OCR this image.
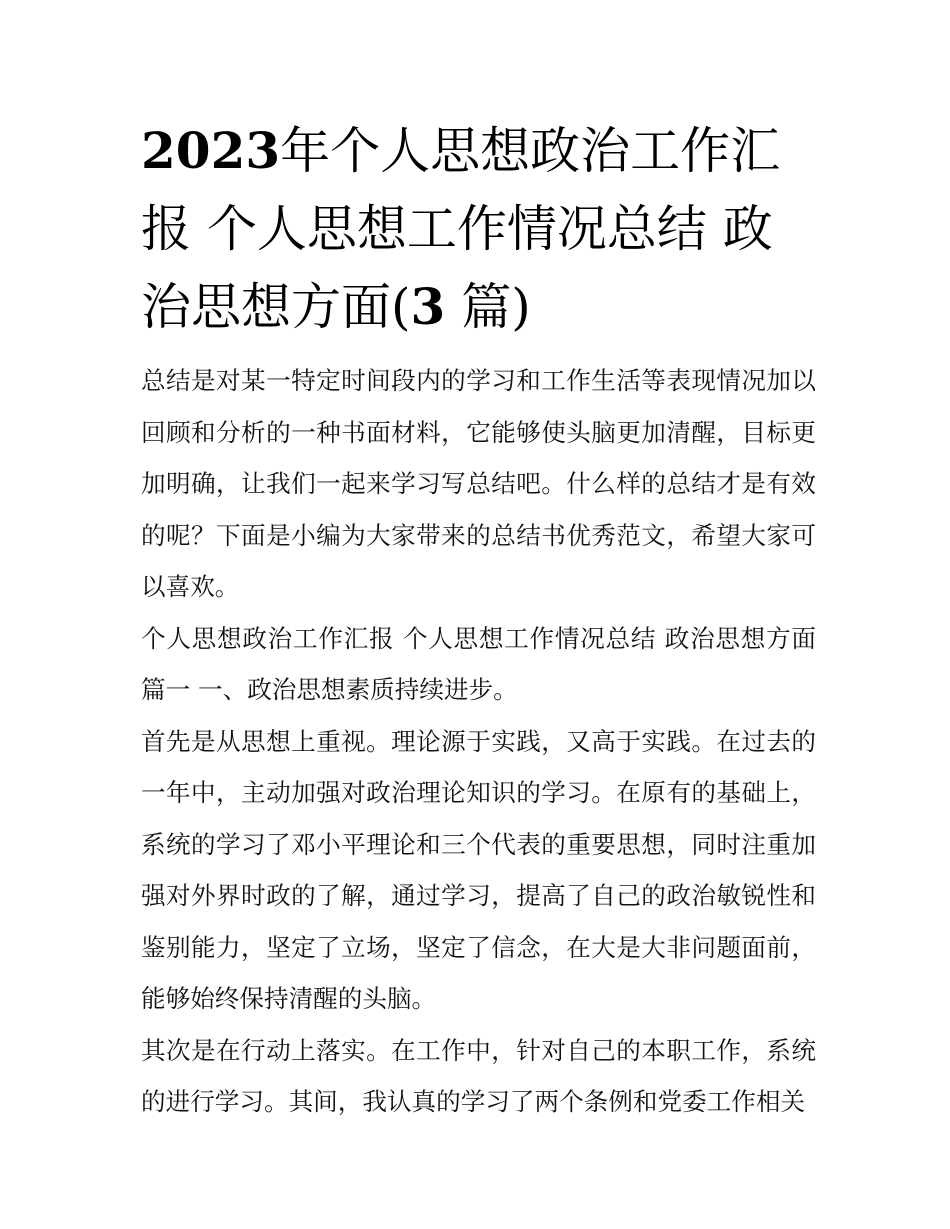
2023年个人思想政治工作汇报 个人思想工作情况总结 政治思想方面(3 篇)

总结是对某一特定时间段内的学习和工作生活等表现情况加以回顾和分析的一种书面材料，它能够使头脑更加清醒，目标更加明确，让我们一起来学习写总结吧。什么样的总结才是有效的呢？下面是小编为大家带来的总结书优秀范文，希望大家可以喜欢。

个人思想政治工作汇报 个人思想工作情况总结 政治思想方面篇一 一、政治思想素质持续进步。

首先是从思想上重视。理论源于实践，又高于实践。在过去的一年中，主动加强对政治理论知识的学习。在原有的基础上，系统的学习了邓小平理论和三个代表的重要思想，同时注重加强对外界时政的了解，通过学习，提高了自己的政治敏锐性和鉴别能力，坚定了立场，坚定了信念，在大是大非问题面前，能够始终保持清醒的头脑。

其次是在行动上落实。在工作中，针对自己的本职工作，系统的进行学习。其间，我认真的学习了两个条例和党委工作相关
